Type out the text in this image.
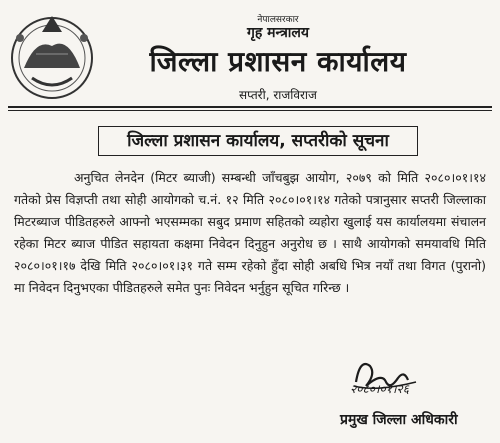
नेपालसरकार
गृह मन्त्रालय
जिल्ला प्रशासन कार्यालय
सप्तरी, राजविराज
जिल्ला प्रशासन कार्यालय, सप्तरीको सूचना

अनुचित लेनदेन (मिटर ब्याजी) सम्बन्धी जाँचबुझ आयोग, २०७९ को मिति २०८०।०१।१४ गतेको प्रेस विज्ञप्ती तथा सोही आयोगको च.नं. १२ मिति २०८०।०१।१४ गतेको पत्रानुसार सप्तरी जिल्लाका मिटरब्याज पीडितहरुले आफ्नो भएसम्मका सबुद प्रमाण सहितको व्यहोरा खुलाई यस कार्यालयमा संचालन रहेका मिटर ब्याज पीडित सहायता कक्षमा निवेदन दिनुहुन अनुरोध छ । साथै आयोगको समयावधि मिति २०८०।०१।१७ देखि मिति २०८०।०१।३१ गते सम्म रहेको हुँदा सोही अबधि भित्र नयाँ तथा विगत (पुरानो) मा निवेदन दिनुभएका पीडितहरुले समेत पुनः निवेदन भर्नुहुन सूचित गरिन्छ ।

२०८०।०१।२६
प्रमुख जिल्ला अधिकारी
